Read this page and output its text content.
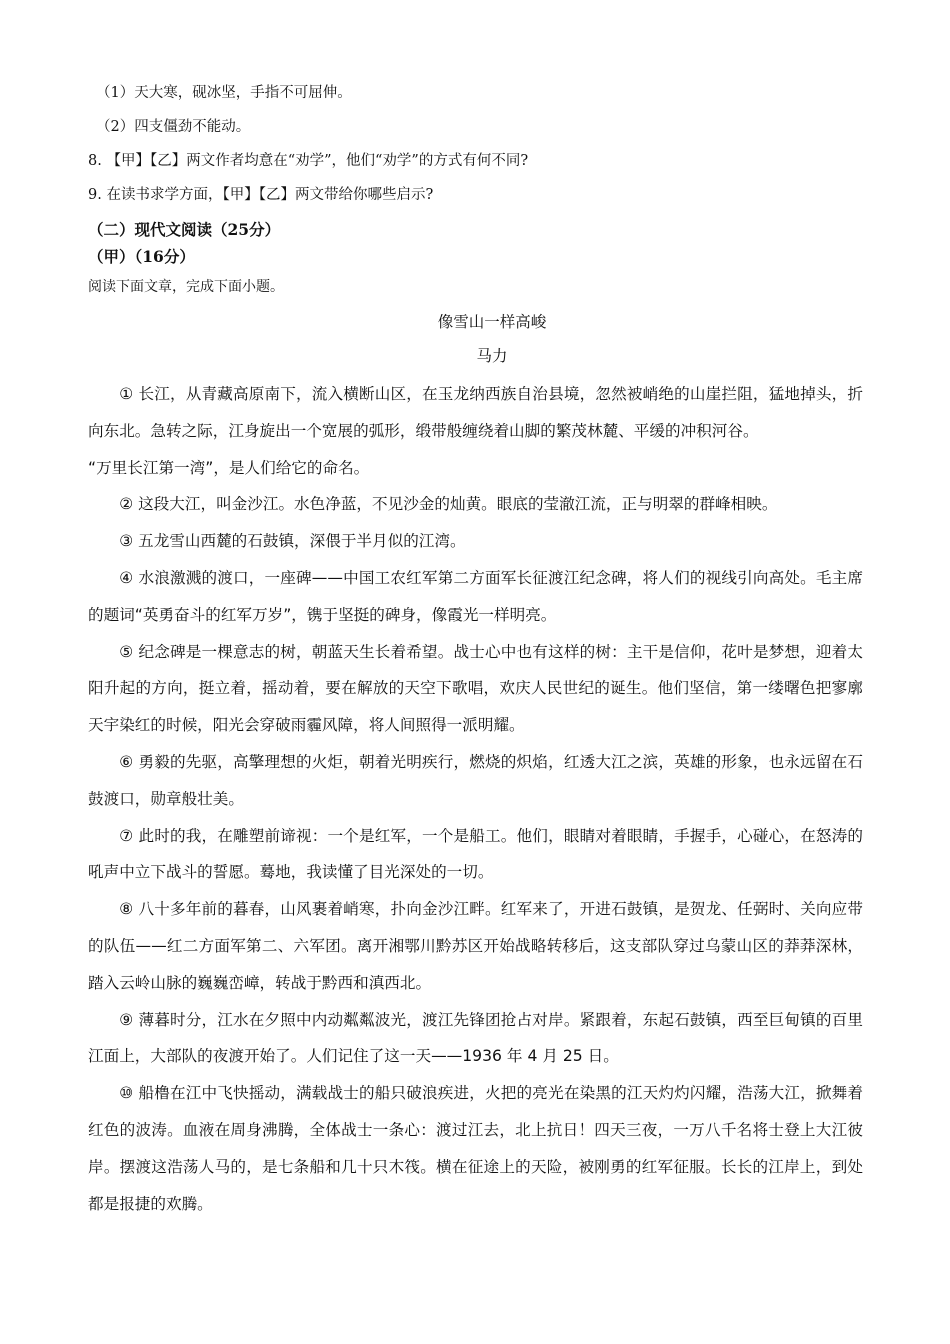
（1）天大寒，砚冰坚，手指不可屈伸。
（2）四支僵劲不能动。
8. 【甲】【乙】两文作者均意在“劝学”，他们“劝学”的方式有何不同?
9. 在读书求学方面，【甲】【乙】两文带给你哪些启示?
（二）现代文阅读（25分）
（甲）（16分）
阅读下面文章，完成下面小题。
像雪山一样高峻
马力

① 长江，从青藏高原南下，流入横断山区，在玉龙纳西族自治县境，忽然被峭绝的山崖拦阻，猛地掉头，折向东北。急转之际，江身旋出一个宽展的弧形，缎带般缠绕着山脚的繁茂林麓、平缓的冲积河谷。

“万里长江第一湾”，是人们给它的命名。

② 这段大江，叫金沙江。水色净蓝，不见沙金的灿黄。眼底的莹澈江流，正与明翠的群峰相映。

③ 五龙雪山西麓的石鼓镇，深偎于半月似的江湾。

④ 水浪激溅的渡口，一座碑——中国工农红军第二方面军长征渡江纪念碑，将人们的视线引向高处。毛主席的题词“英勇奋斗的红军万岁”，镌于坚挺的碑身，像霞光一样明亮。

⑤ 纪念碑是一棵意志的树，朝蓝天生长着希望。战士心中也有这样的树：主干是信仰，花叶是梦想，迎着太阳升起的方向，挺立着，摇动着，要在解放的天空下歌唱，欢庆人民世纪的诞生。他们坚信，第一缕曙色把寥廓天宇染红的时候，阳光会穿破雨霾风障，将人间照得一派明耀。

⑥ 勇毅的先驱，高擎理想的火炬，朝着光明疾行，燃烧的炽焰，红透大江之滨，英雄的形象，也永远留在石鼓渡口，勋章般壮美。

⑦ 此时的我，在雕塑前谛视：一个是红军，一个是船工。他们，眼睛对着眼睛，手握手，心碰心，在怒涛的吼声中立下战斗的誓愿。蓦地，我读懂了目光深处的一切。

⑧ 八十多年前的暮春，山风裹着峭寒，扑向金沙江畔。红军来了，开进石鼓镇，是贺龙、任弼时、关向应带的队伍——红二方面军第二、六军团。离开湘鄂川黔苏区开始战略转移后，这支部队穿过乌蒙山区的莽莽深林，踏入云岭山脉的巍巍峦嶂，转战于黔西和滇西北。

⑨ 薄暮时分，江水在夕照中内动粼粼波光，渡江先锋团抢占对岸。紧跟着，东起石鼓镇，西至巨甸镇的百里江面上，大部队的夜渡开始了。人们记住了这一天——1936 年 4 月 25 日。

⑩ 船橹在江中飞快摇动，满载战士的船只破浪疾进，火把的亮光在染黑的江天灼灼闪耀，浩荡大江，掀舞着红色的波涛。血液在周身沸腾，全体战士一条心：渡过江去，北上抗日！四天三夜，一万八千名将士登上大江彼岸。摆渡这浩荡人马的，是七条船和几十只木筏。横在征途上的天险，被刚勇的红军征服。长长的江岸上，到处都是报捷的欢腾。
